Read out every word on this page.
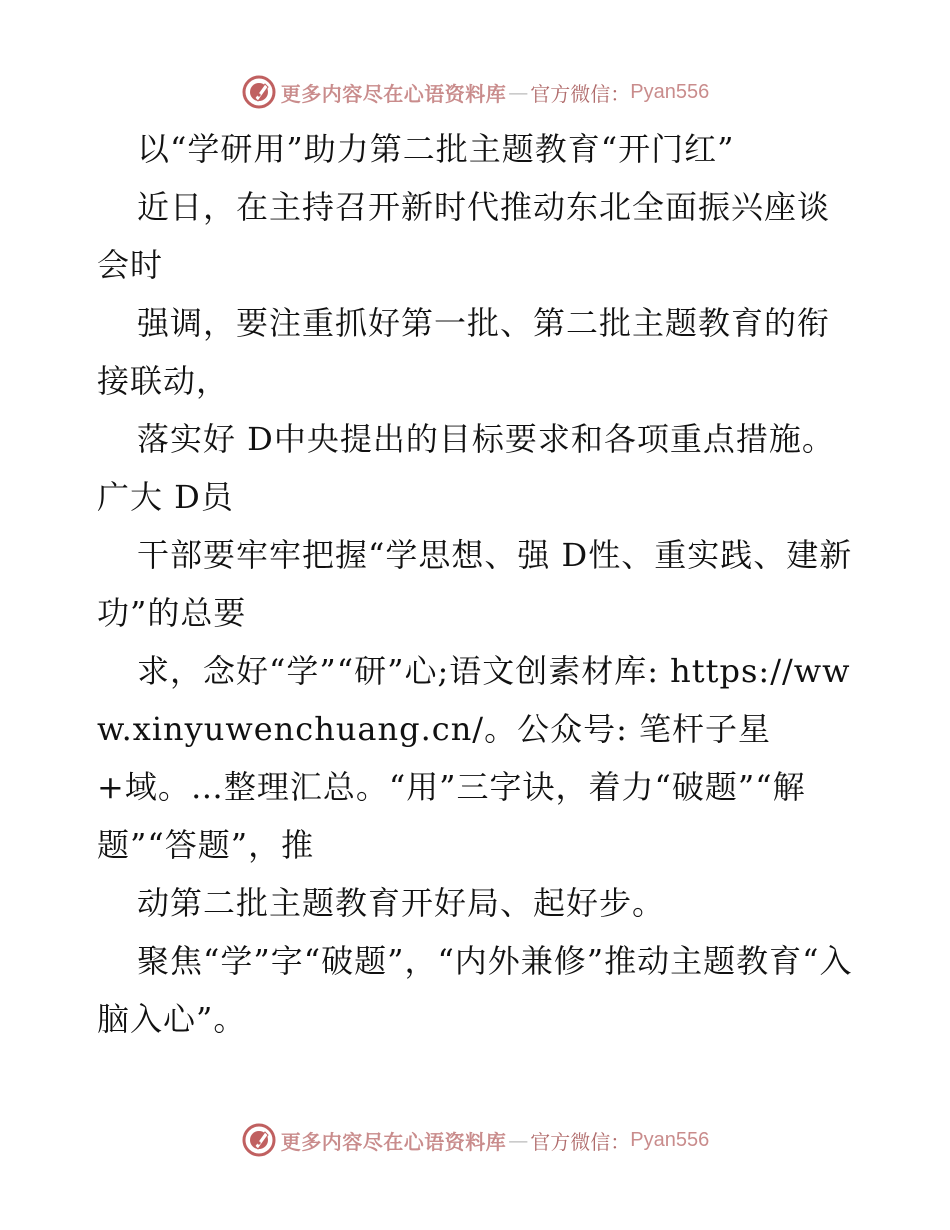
更多内容尽在心语资料库 — 官方微信： Pyan556

以“学研用”助力第二批主题教育“开门红”

近日，在主持召开新时代推动东北全面振兴座谈会时

强调，要注重抓好第一批、第二批主题教育的衔接联动，

落实好 D中央提出的目标要求和各项重点措施。广大 D员

干部要牢牢把握“学思想、强 D性、重实践、建新功”的总要

求，念好“学”“研”心;语文创素材库: https://www.xinyuwenchuang.cn/。公众号: 笔杆子星+域。…整理汇总。“用”三字诀，着力“破题”“解题”“答题”，推

动第二批主题教育开好局、起好步。

聚焦“学”字“破题”，“内外兼修”推动主题教育“入脑入心”。

更多内容尽在心语资料库 — 官方微信： Pyan556
